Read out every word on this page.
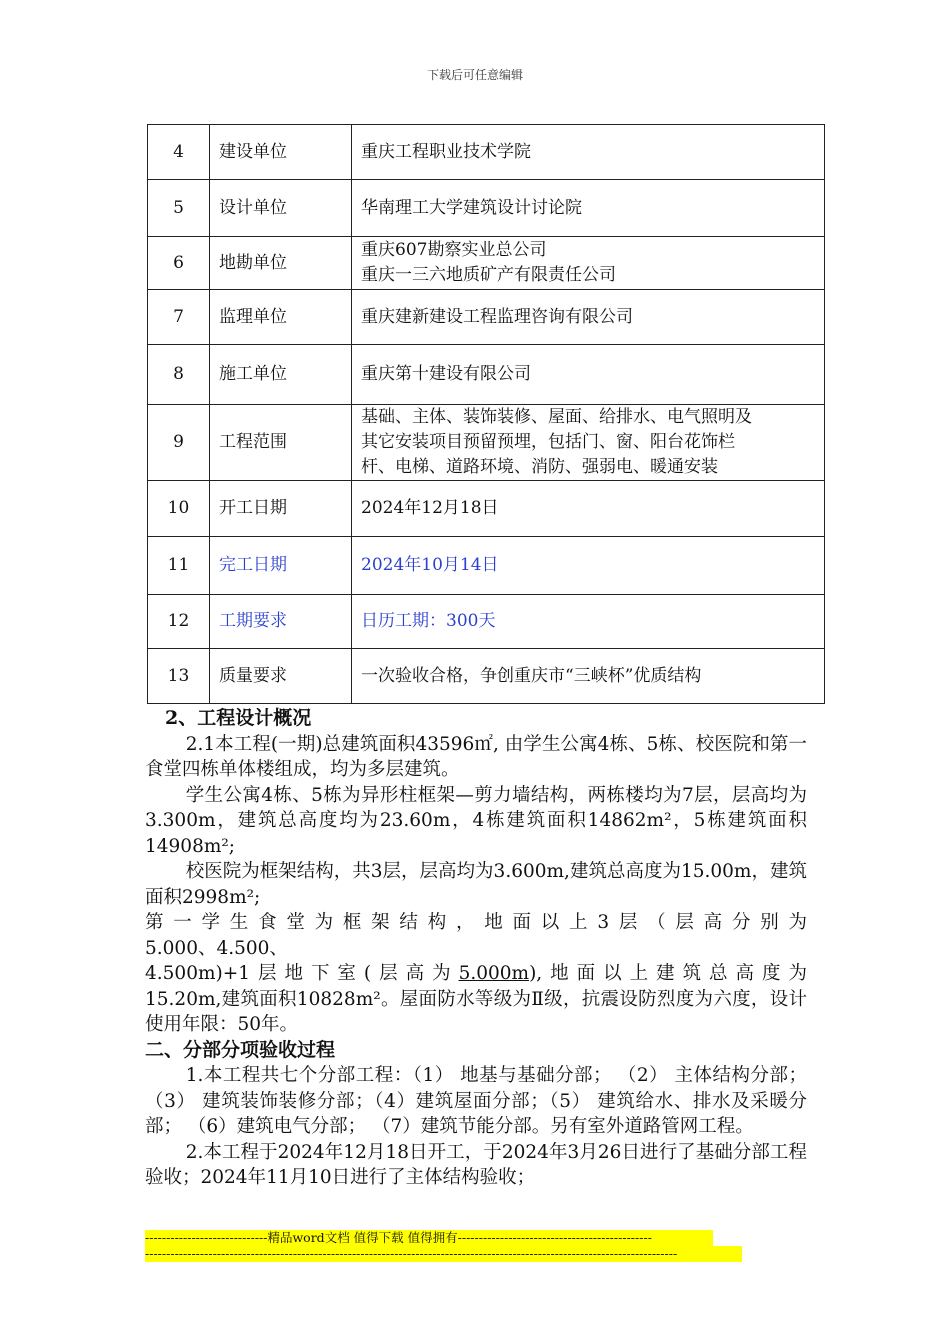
下载后可任意编辑
4	建设单位	重庆工程职业技术学院

5	设计单位	华南理工大学建筑设计讨论院

6	地勘单位	重庆607勘察实业总公司
重庆一三六地质矿产有限责任公司

7	监理单位	重庆建新建设工程监理咨询有限公司

8	施工单位	重庆第十建设有限公司

9	工程范围	基础、主体、装饰装修、屋面、给排水、电气照明及
其它安装项目预留预埋，包括门、窗、阳台花饰栏
杆、电梯、道路环境、消防、强弱电、暖通安装

10	开工日期	2024年12月18日

11	完工日期	2024年10月14日

12	工期要求	日历工期：300天

13	质量要求	一次验收合格，争创重庆市“三峡杯”优质结构

2、工程设计概况

2.1本工程(一期)总建筑面积43596㎡, 由学生公寓4栋、5栋、校医院和第一食堂四栋单体楼组成，均为多层建筑。

学生公寓4栋、5栋为异形柱框架—剪力墙结构，两栋楼均为7层，层高均为3.300m，建筑总高度均为23.60m，4栋建筑面积14862m²，5栋建筑面积14908m²;

校医院为框架结构，共3层，层高均为3.600m,建筑总高度为15.00m，建筑面积2998m²;

第一学生食堂为框架结构，地面以上3层（层高分别为

5.000、4.500、

4.500m)+1层地下室(层高为5.000m),地面以上建筑总高度为

15.20m,建筑面积10828m²。屋面防水等级为Ⅱ级，抗震设防烈度为六度，设计使用年限：50年。

二、分部分项验收过程

1.本工程共七个分部工程：（1） 地基与基础分部； （2） 主体结构分部；（3） 建筑装饰装修分部；（4）建筑屋面分部；（5） 建筑给水、排水及采暖分部； （6）建筑电气分部； （7）建筑节能分部。另有室外道路管网工程。

2.本工程于2024年12月18日开工，于2024年3月26日进行了基础分部工程验收；2024年11月10日进行了主体结构验收；

-----------------------------精品word文档 值得下载 值得拥有----------------------------------------------
------------------------------------------------------------------------------------------------------------------------------
